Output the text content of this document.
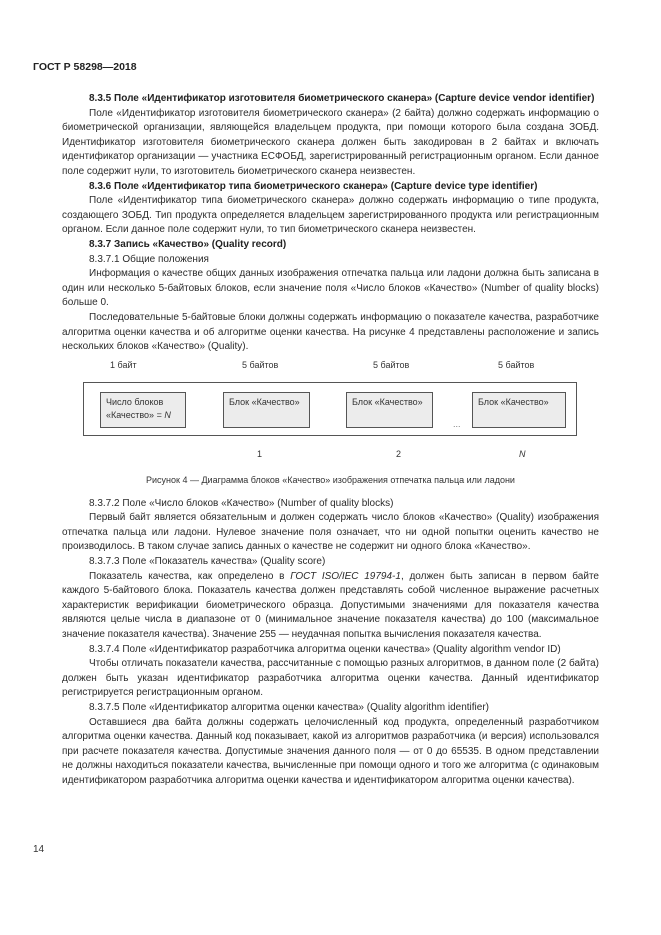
ГОСТ Р 58298—2018

8.3.5 Поле «Идентификатор изготовителя биометрического сканера» (Capture device vendor identifier)

Поле «Идентификатор изготовителя биометрического сканера» (2 байта) должно содержать информацию о биометрической организации, являющейся владельцем продукта, при помощи которого была создана ЗОБД. Идентификатор изготовителя биометрического сканера должен быть закодирован в 2 байтах и включать идентификатор организации — участника ЕСФОБД, зарегистрированный регистрационным органом. Если данное поле содержит нули, то изготовитель биометрического сканера неизвестен.

8.3.6 Поле «Идентификатор типа биометрического сканера» (Capture device type identifier)

Поле «Идентификатор типа биометрического сканера» должно содержать информацию о типе продукта, создающего ЗОБД. Тип продукта определяется владельцем зарегистрированного продукта или регистрационным органом. Если данное поле содержит нули, то тип биометрического сканера неизвестен.

8.3.7 Запись «Качество» (Quality record)

8.3.7.1 Общие положения

Информация о качестве общих данных изображения отпечатка пальца или ладони должна быть записана в один или несколько 5-байтовых блоков, если значение поля «Число блоков «Качество» (Number of quality blocks) больше 0.

Последовательные 5-байтовые блоки должны содержать информацию о показателе качества, разработчике алгоритма оценки качества и об алгоритме оценки качества. На рисунке 4 представлены расположение и запись нескольких блоков «Качество» (Quality).

1 байт	5 байтов	5 байтов	5 байтов
Число блоков
«Качество» = N
Блок «Качество»	Блок «Качество»
...
Блок «Качество»
1	2	N
Рисунок 4 — Диаграмма блоков «Качество» изображения отпечатка пальца или ладони

8.3.7.2 Поле «Число блоков «Качество» (Number of quality blocks)

Первый байт является обязательным и должен содержать число блоков «Качество» (Quality) изображения отпечатка пальца или ладони. Нулевое значение поля означает, что ни одной попытки оценить качество не производилось. В таком случае запись данных о качестве не содержит ни одного блока «Качество».

8.3.7.3 Поле «Показатель качества» (Quality score)

Показатель качества, как определено в ГОСТ ISO/IEC 19794-1, должен быть записан в первом байте каждого 5-байтового блока. Показатель качества должен представлять собой численное выражение расчетных характеристик верификации биометрического образца. Допустимыми значениями для показателя качества являются целые числа в диапазоне от 0 (минимальное значение показателя качества) до 100 (максимальное значение показателя качества). Значение 255 — неудачная попытка вычисления показателя качества.

8.3.7.4 Поле «Идентификатор разработчика алгоритма оценки качества» (Quality algorithm vendor ID)

Чтобы отличать показатели качества, рассчитанные с помощью разных алгоритмов, в данном поле (2 байта) должен быть указан идентификатор разработчика алгоритма оценки качества. Данный идентификатор регистрируется регистрационным органом.

8.3.7.5 Поле «Идентификатор алгоритма оценки качества» (Quality algorithm identifier)

Оставшиеся два байта должны содержать целочисленный код продукта, определенный разработчиком алгоритма оценки качества. Данный код показывает, какой из алгоритмов разработчика (и версия) использовался при расчете показателя качества. Допустимые значения данного поля — от 0 до 65535. В одном представлении не должны находиться показатели качества, вычисленные при помощи одного и того же алгоритма (с одинаковым идентификатором разработчика алгоритма оценки качества и идентификатором алгоритма оценки качества).

14
